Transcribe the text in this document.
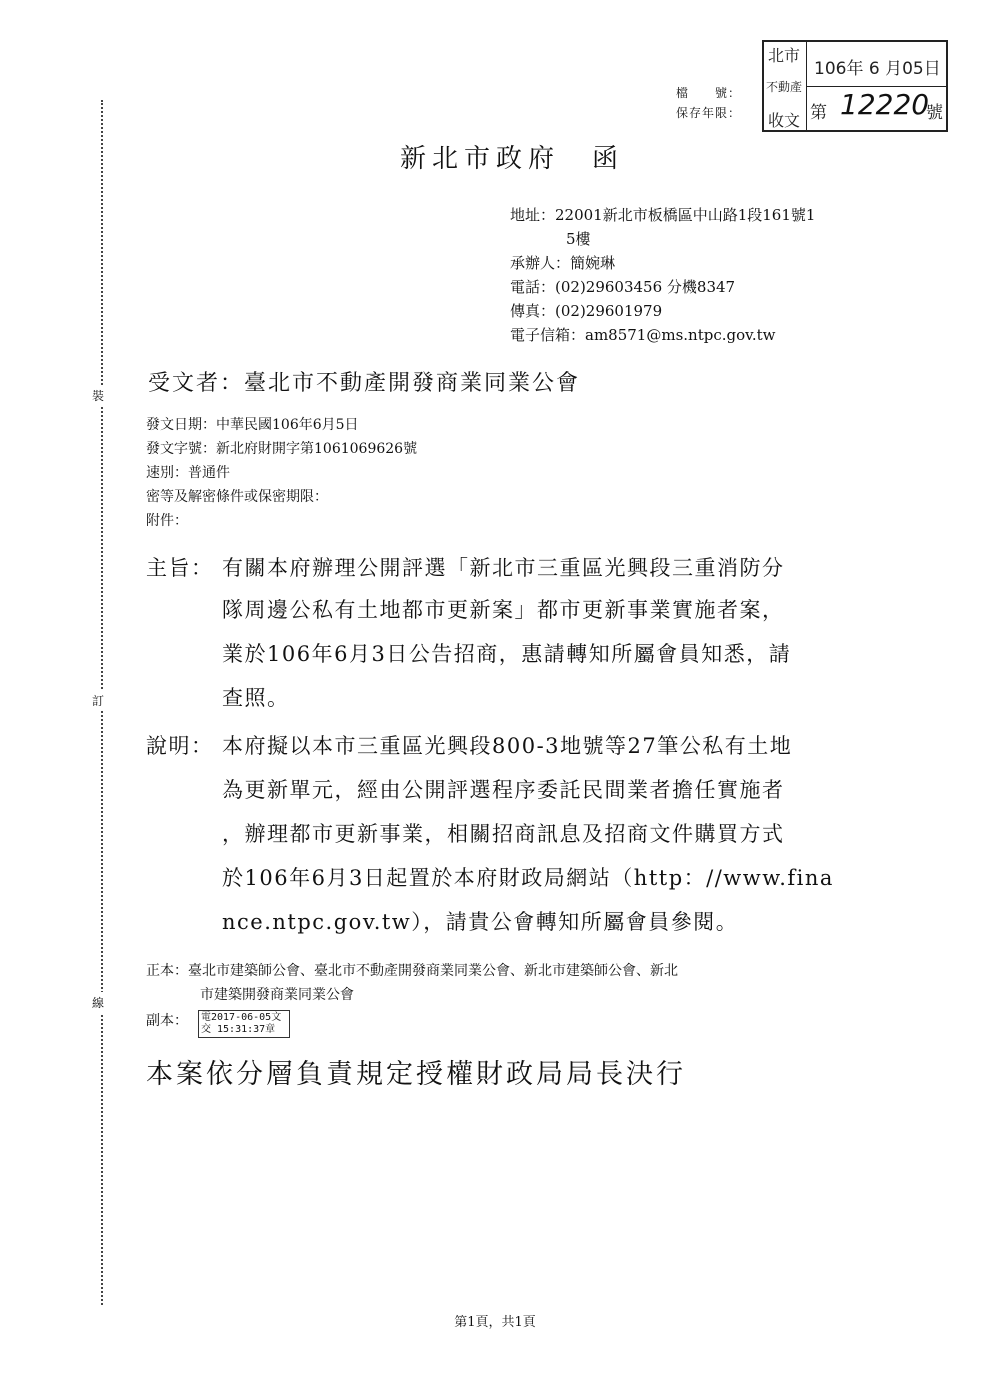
裝
訂
線
檔　　號：
保存年限：
北市
不動產
收文
106年 6 月05日
第 12220
號
新北市政府　函
地址：22001新北市板橋區中山路1段161號1
5樓
承辦人：簡婉琳
電話：(02)29603456 分機8347
傳真：(02)29601979
電子信箱：am8571@ms.ntpc.gov.tw
受文者：臺北市不動產開發商業同業公會
發文日期：中華民國106年6月5日
發文字號：新北府財開字第1061069626號
速別：普通件
密等及解密條件或保密期限：
附件：
主旨： 有關本府辦理公開評選「新北市三重區光興段三重消防分
隊周邊公私有土地都市更新案」都市更新事業實施者案，
業於106年6月3日公告招商，惠請轉知所屬會員知悉，請
查照。
說明： 本府擬以本市三重區光興段800-3地號等27筆公私有土地
為更新單元，經由公開評選程序委託民間業者擔任實施者
，辦理都市更新事業，相關招商訊息及招商文件購買方式
於106年6月3日起置於本府財政局網站（http：//www.fina
nce.ntpc.gov.tw），請貴公會轉知所屬會員參閱。
正本：臺北市建築師公會、臺北市不動產開發商業同業公會、新北市建築師公會、新北
市建築開發商業同業公會
副本： 電2017-06-05文
交 15:31:37章
本案依分層負責規定授權財政局局長決行
第1頁，共1頁
